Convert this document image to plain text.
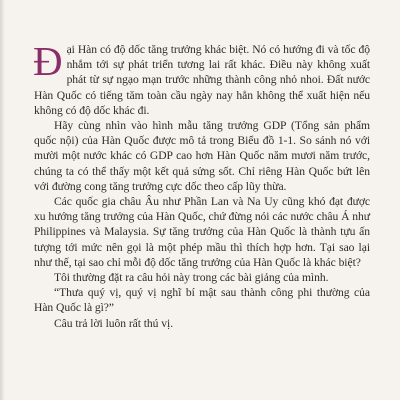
Đại Hàn có độ dốc tăng trưởng khác biệt. Nó có hướng đi và tốc độ nhắm tới sự phát triển tương lai rất khác. Điều này không xuất phát từ sự ngạo mạn trước những thành công nhỏ nhoi. Đất nước Hàn Quốc có tiếng tăm toàn cầu ngày nay hẳn không thể xuất hiện nếu không có độ dốc khác đi.

Hãy cùng nhìn vào hình mẫu tăng trưởng GDP (Tổng sản phẩm quốc nội) của Hàn Quốc được mô tả trong Biểu đồ 1-1. So sánh nó với mười một nước khác có GDP cao hơn Hàn Quốc năm mươi năm trước, chúng ta có thể thấy một kết quả sửng sốt. Chỉ riêng Hàn Quốc bứt lên với đường cong tăng trưởng cực dốc theo cấp lũy thừa.

Các quốc gia châu Âu như Phần Lan và Na Uy cũng khó đạt được xu hướng tăng trưởng của Hàn Quốc, chứ đừng nói các nước châu Á như Philippines và Malaysia. Sự tăng trưởng của Hàn Quốc là thành tựu ấn tượng tới mức nên gọi là một phép mầu thì thích hợp hơn. Tại sao lại như thế, tại sao chỉ mỗi độ dốc tăng trưởng của Hàn Quốc là khác biệt?

Tôi thường đặt ra câu hỏi này trong các bài giảng của mình.

“Thưa quý vị, quý vị nghĩ bí mật sau thành công phi thường của Hàn Quốc là gì?”

Câu trả lời luôn rất thú vị.
